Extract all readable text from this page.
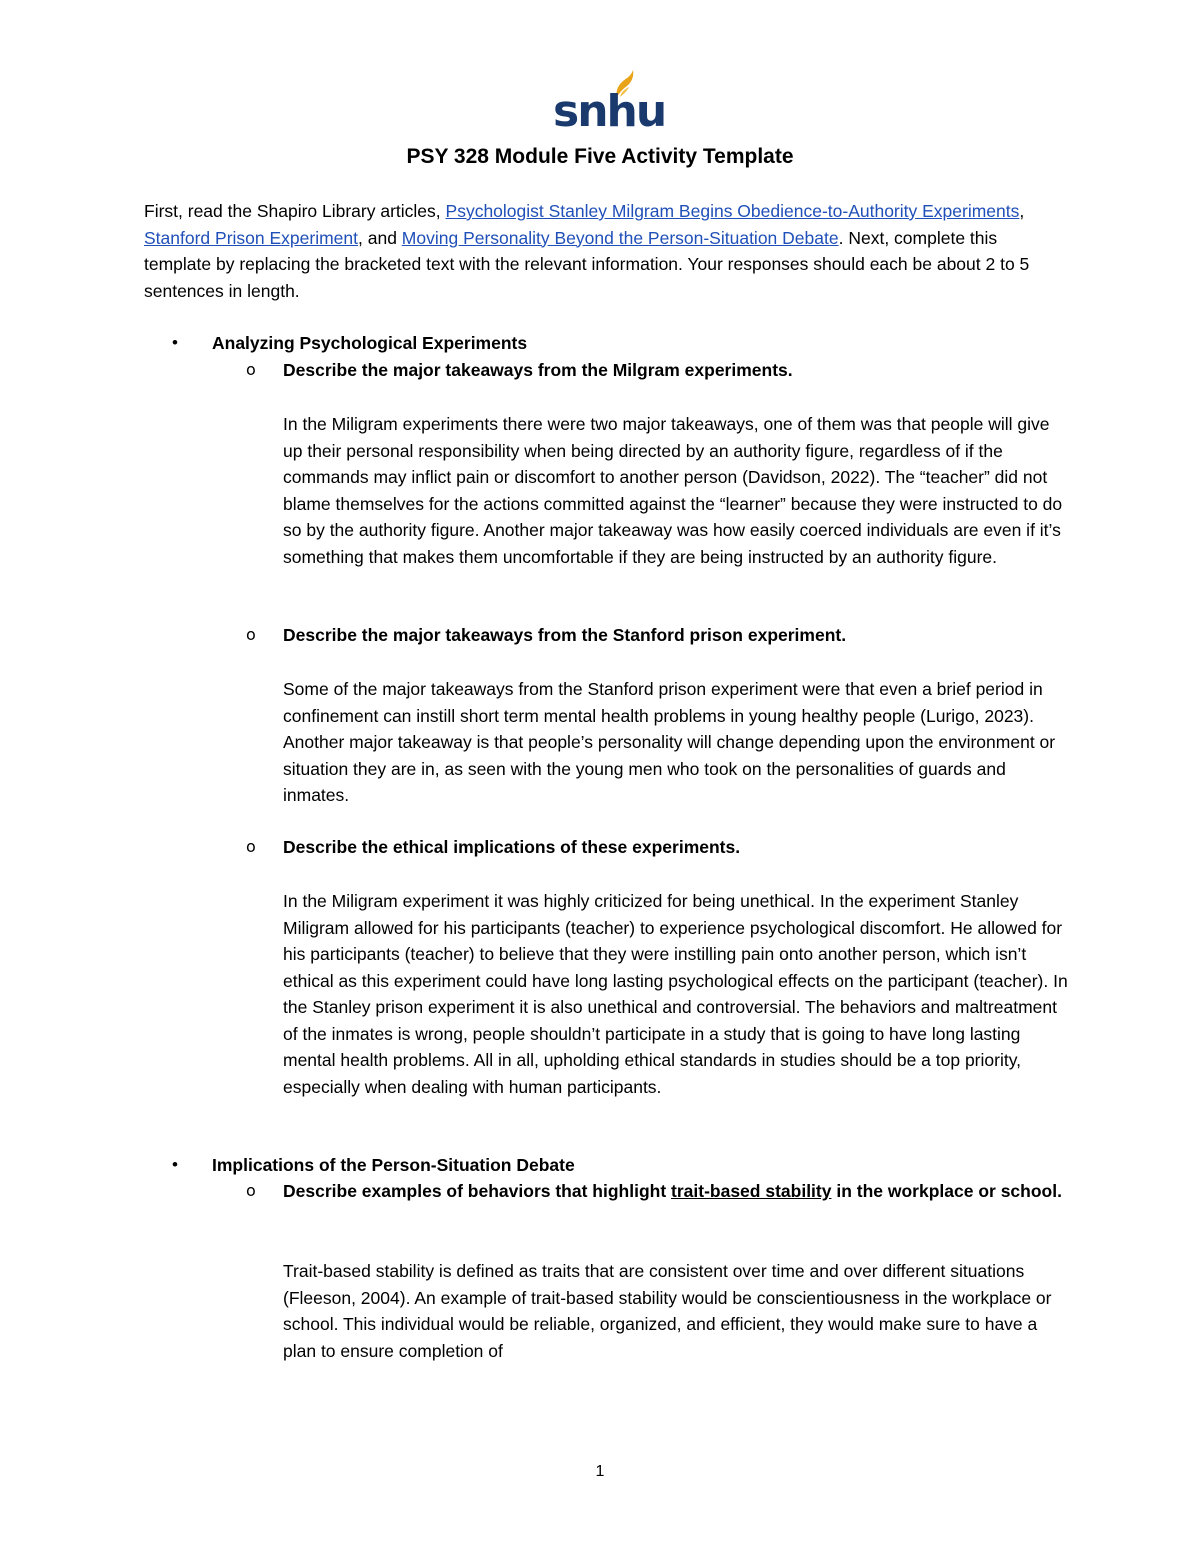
snhu
PSY 328 Module Five Activity Template
First, read the Shapiro Library articles, Psychologist Stanley Milgram Begins Obedience-to-Authority Experiments, Stanford Prison Experiment, and Moving Personality Beyond the Person-Situation Debate. Next, complete this template by replacing the bracketed text with the relevant information. Your responses should each be about 2 to 5 sentences in length.
• Analyzing Psychological Experiments
o Describe the major takeaways from the Milgram experiments.
In the Miligram experiments there were two major takeaways, one of them was that people will give up their personal responsibility when being directed by an authority figure, regardless of if the commands may inflict pain or discomfort to another person (Davidson, 2022). The “teacher” did not blame themselves for the actions committed against the “learner” because they were instructed to do so by the authority figure. Another major takeaway was how easily coerced individuals are even if it’s something that makes them uncomfortable if they are being instructed by an authority figure.
o Describe the major takeaways from the Stanford prison experiment.
Some of the major takeaways from the Stanford prison experiment were that even a brief period in confinement can instill short term mental health problems in young healthy people (Lurigo, 2023). Another major takeaway is that people’s personality will change depending upon the environment or situation they are in, as seen with the young men who took on the personalities of guards and inmates.
o Describe the ethical implications of these experiments.
In the Miligram experiment it was highly criticized for being unethical. In the experiment Stanley Miligram allowed for his participants (teacher) to experience psychological discomfort. He allowed for his participants (teacher) to believe that they were instilling pain onto another person, which isn’t ethical as this experiment could have long lasting psychological effects on the participant (teacher). In the Stanley prison experiment it is also unethical and controversial. The behaviors and maltreatment of the inmates is wrong, people shouldn’t participate in a study that is going to have long lasting mental health problems. All in all, upholding ethical standards in studies should be a top priority, especially when dealing with human participants.
• Implications of the Person-Situation Debate
o Describe examples of behaviors that highlight trait-based stability in the workplace or school.
Trait-based stability is defined as traits that are consistent over time and over different situations (Fleeson, 2004). An example of trait-based stability would be conscientiousness in the workplace or school. This individual would be reliable, organized, and efficient, they would make sure to have a plan to ensure completion of
1
